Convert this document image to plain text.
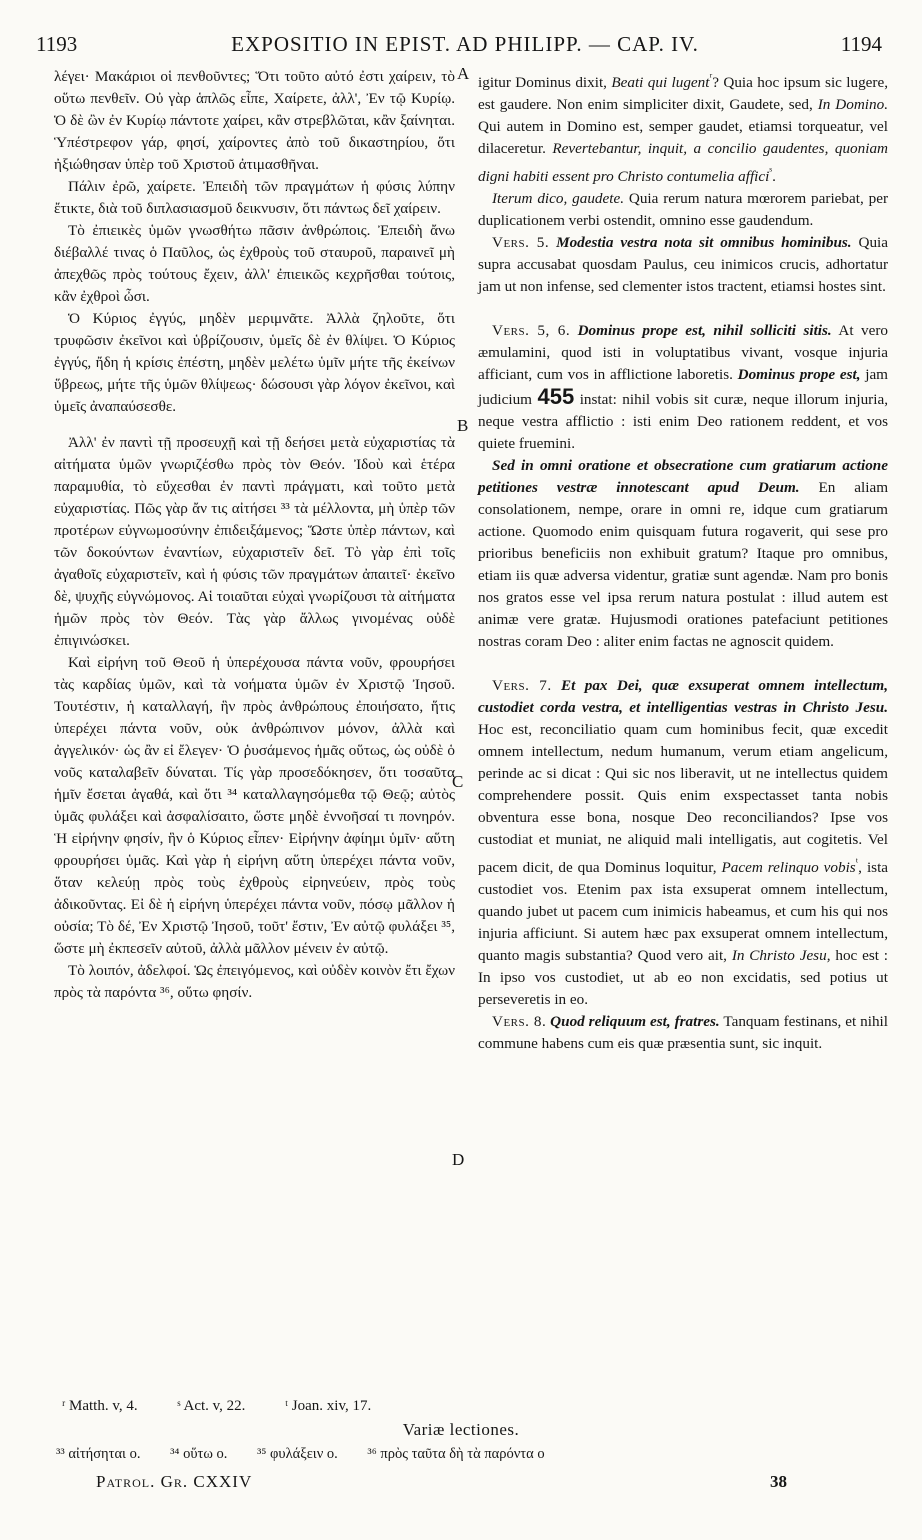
1193	EXPOSITIO IN EPIST. AD PHILIPP. — CAP. IV.	1194
A
B
C
D

λέγει· Μακάριοι οἱ πενθοῦντες; Ὅτι τοῦτο αὐτό ἐστι χαίρειν, τὸ οὕτω πενθεῖν. Οὐ γὰρ ἁπλῶς εἶπε, Χαίρετε, ἀλλ', Ἐν τῷ Κυρίῳ. Ὁ δὲ ὢν ἐν Κυρίῳ πάντοτε χαίρει, κἂν στρεβλῶται, κἂν ξαίνηται. Ὑπέστρεφον γάρ, φησί, χαίροντες ἀπὸ τοῦ δικαστηρίου, ὅτι ἠξιώθησαν ὑπὲρ τοῦ Χριστοῦ ἀτιμασθῆναι.

Πάλιν ἐρῶ, χαίρετε. Ἐπειδὴ τῶν πραγμάτων ἡ φύσις λύπην ἔτικτε, διὰ τοῦ διπλασιασμοῦ δεικνυσιν, ὅτι πάντως δεῖ χαίρειν.

Τὸ ἐπιεικὲς ὑμῶν γνωσθήτω πᾶσιν ἀνθρώποις. Ἐπειδὴ ἄνω διέβαλλέ τινας ὁ Παῦλος, ὡς ἐχθροὺς τοῦ σταυροῦ, παραινεῖ μὴ ἀπεχθῶς πρὸς τούτους ἔχειν, ἀλλ' ἐπιεικῶς κεχρῆσθαι τούτοις, κἂν ἐχθροὶ ὦσι.

Ὁ Κύριος ἐγγύς, μηδὲν μεριμνᾶτε. Ἀλλὰ ζηλοῦτε, ὅτι τρυφῶσιν ἐκεῖνοι καὶ ὑβρίζουσιν, ὑμεῖς δὲ ἐν θλίψει. Ὁ Κύριος ἐγγύς, ἤδη ἡ κρίσις ἐπέστη, μηδὲν μελέτω ὑμῖν μήτε τῆς ἐκείνων ὕβρεως, μήτε τῆς ὑμῶν θλίψεως· δώσουσι γὰρ λόγον ἐκεῖνοι, καὶ ὑμεῖς ἀναπαύσεσθε.

Ἀλλ' ἐν παντὶ τῇ προσευχῇ καὶ τῇ δεήσει μετὰ εὐχαριστίας τὰ αἰτήματα ὑμῶν γνωριζέσθω πρὸς τὸν Θεόν. Ἰδοὺ καὶ ἑτέρα παραμυθία, τὸ εὔχεσθαι ἐν παντὶ πράγματι, καὶ τοῦτο μετὰ εὐχαριστίας. Πῶς γὰρ ἄν τις αἰτήσει ³³ τὰ μέλλοντα, μὴ ὑπὲρ τῶν προτέρων εὐγνωμοσύνην ἐπιδειξάμενος; Ὥστε ὑπὲρ πάντων, καὶ τῶν δοκούντων ἐναντίων, εὐχαριστεῖν δεῖ. Τὸ γὰρ ἐπὶ τοῖς ἀγαθοῖς εὐχαριστεῖν, καὶ ἡ φύσις τῶν πραγμάτων ἀπαιτεῖ· ἐκεῖνο δὲ, ψυχῆς εὐγνώμονος. Αἱ τοιαῦται εὐχαὶ γνωρίζουσι τὰ αἰτήματα ἡμῶν πρὸς τὸν Θεόν. Τὰς γὰρ ἄλλως γινομένας οὐδὲ ἐπιγινώσκει.

Καὶ εἰρήνη τοῦ Θεοῦ ἡ ὑπερέχουσα πάντα νοῦν, φρουρήσει τὰς καρδίας ὑμῶν, καὶ τὰ νοήματα ὑμῶν ἐν Χριστῷ Ἰησοῦ. Τουτέστιν, ἡ καταλλαγή, ἣν πρὸς ἀνθρώπους ἐποιήσατο, ἥτις ὑπερέχει πάντα νοῦν, οὐκ ἀνθρώπινον μόνον, ἀλλὰ καὶ ἀγγελικόν· ὡς ἂν εἰ ἔλεγεν· Ὁ ῥυσάμενος ἡμᾶς οὕτως, ὡς οὐδὲ ὁ νοῦς καταλαβεῖν δύναται. Τίς γὰρ προσεδόκησεν, ὅτι τοσαῦτα ἡμῖν ἔσεται ἀγαθά, καὶ ὅτι ³⁴ καταλλαγησόμεθα τῷ Θεῷ; αὐτὸς ὑμᾶς φυλάξει καὶ ἀσφαλίσαιτο, ὥστε μηδὲ ἐννοῆσαί τι πονηρόν. Ἡ εἰρήνην φησίν, ἣν ὁ Κύριος εἶπεν· Εἰρήνην ἀφίημι ὑμῖν· αὕτη φρουρήσει ὑμᾶς. Καὶ γὰρ ἡ εἰρήνη αὕτη ὑπερέχει πάντα νοῦν, ὅταν κελεύῃ πρὸς τοὺς ἐχθροὺς εἰρηνεύειν, πρὸς τοὺς ἀδικοῦντας. Εἰ δὲ ἡ εἰρήνη ὑπερέχει πάντα νοῦν, πόσῳ μᾶλλον ἡ οὐσία; Τὸ δέ, Ἐν Χριστῷ Ἰησοῦ, τοῦτ' ἔστιν, Ἐν αὐτῷ φυλάξει ³⁵, ὥστε μὴ ἐκπεσεῖν αὐτοῦ, ἀλλὰ μᾶλλον μένειν ἐν αὐτῷ.

Τὸ λοιπόν, ἀδελφοί. Ὡς ἐπειγόμενος, καὶ οὐδὲν κοινὸν ἔτι ἔχων πρὸς τὰ παρόντα ³⁶, οὕτω φησίν.

igitur Dominus dixit, Beati qui lugent$^ʳ$? Quia hoc ipsum sic lugere, est gaudere. Non enim simpliciter dixit, Gaudete, sed, In Domino. Qui autem in Domino est, semper gaudet, etiamsi torqueatur, vel dilaceretur. Revertebantur, inquit, a concilio gaudentes, quoniam digni habiti essent pro Christo contumelia affici$^ˢ$.

Iterum dico, gaudete. Quia rerum natura mœrorem pariebat, per duplicationem verbi ostendit, omnino esse gaudendum.

Vers. 5. Modestia vestra nota sit omnibus hominibus. Quia supra accusabat quosdam Paulus, ceu inimicos crucis, adhortatur jam ut non infense, sed clementer istos tractent, etiamsi hostes sint.

Vers. 5, 6. Dominus prope est, nihil solliciti sitis. At vero æmulamini, quod isti in voluptatibus vivant, vosque injuria afficiant, cum vos in afflictione laboretis. Dominus prope est, jam judicium 455 instat: nihil vobis sit curæ, neque illorum injuria, neque vestra afflictio : isti enim Deo rationem reddent, et vos quiete fruemini.

Sed in omni oratione et obsecratione cum gratiarum actione petitiones vestræ innotescant apud Deum. En aliam consolationem, nempe, orare in omni re, idque cum gratiarum actione. Quomodo enim quisquam futura rogaverit, qui sese pro prioribus beneficiis non exhibuit gratum? Itaque pro omnibus, etiam iis quæ adversa videntur, gratiæ sunt agendæ. Nam pro bonis nos gratos esse vel ipsa rerum natura postulat : illud autem est animæ vere gratæ. Hujusmodi orationes patefaciunt petitiones nostras coram Deo : aliter enim factas ne agnoscit quidem.

Vers. 7. Et pax Dei, quæ exsuperat omnem intellectum, custodiet corda vestra, et intelligentias vestras in Christo Jesu. Hoc est, reconciliatio quam cum hominibus fecit, quæ excedit omnem intellectum, nedum humanum, verum etiam angelicum, perinde ac si dicat : Qui sic nos liberavit, ut ne intellectus quidem comprehendere possit. Quis enim exspectasset tanta nobis obventura esse bona, nosque Deo reconciliandos? Ipse vos custodiat et muniat, ne aliquid mali intelligatis, aut cogitetis. Vel pacem dicit, de qua Dominus loquitur, Pacem relinquo vobis$^ᵗ$, ista custodiet vos. Etenim pax ista exsuperat omnem intellectum, quando jubet ut pacem cum inimicis habeamus, et cum his qui nos injuria afficiunt. Si autem hæc pax exsuperat omnem intellectum, quanto magis substantia? Quod vero ait, In Christo Jesu, hoc est : In ipso vos custodiet, ut ab eo non excidatis, sed potius ut perseveretis in eo.

Vers. 8. Quod reliquum est, fratres. Tanquam festinans, et nihil commune habens cum eis quæ præsentia sunt, sic inquit.

ʳ Matth. v, 4.	ˢ Act. v, 22.	ᵗ Joan. xiv, 17.
Variæ lectiones.
³³ αἰτήσηται ο. ³⁴ οὕτω ο. ³⁵ φυλάξειν ο. ³⁶ πρὸς ταῦτα δὴ τὰ παρόντα ο
Patrol. Gr. CXXIV	38
